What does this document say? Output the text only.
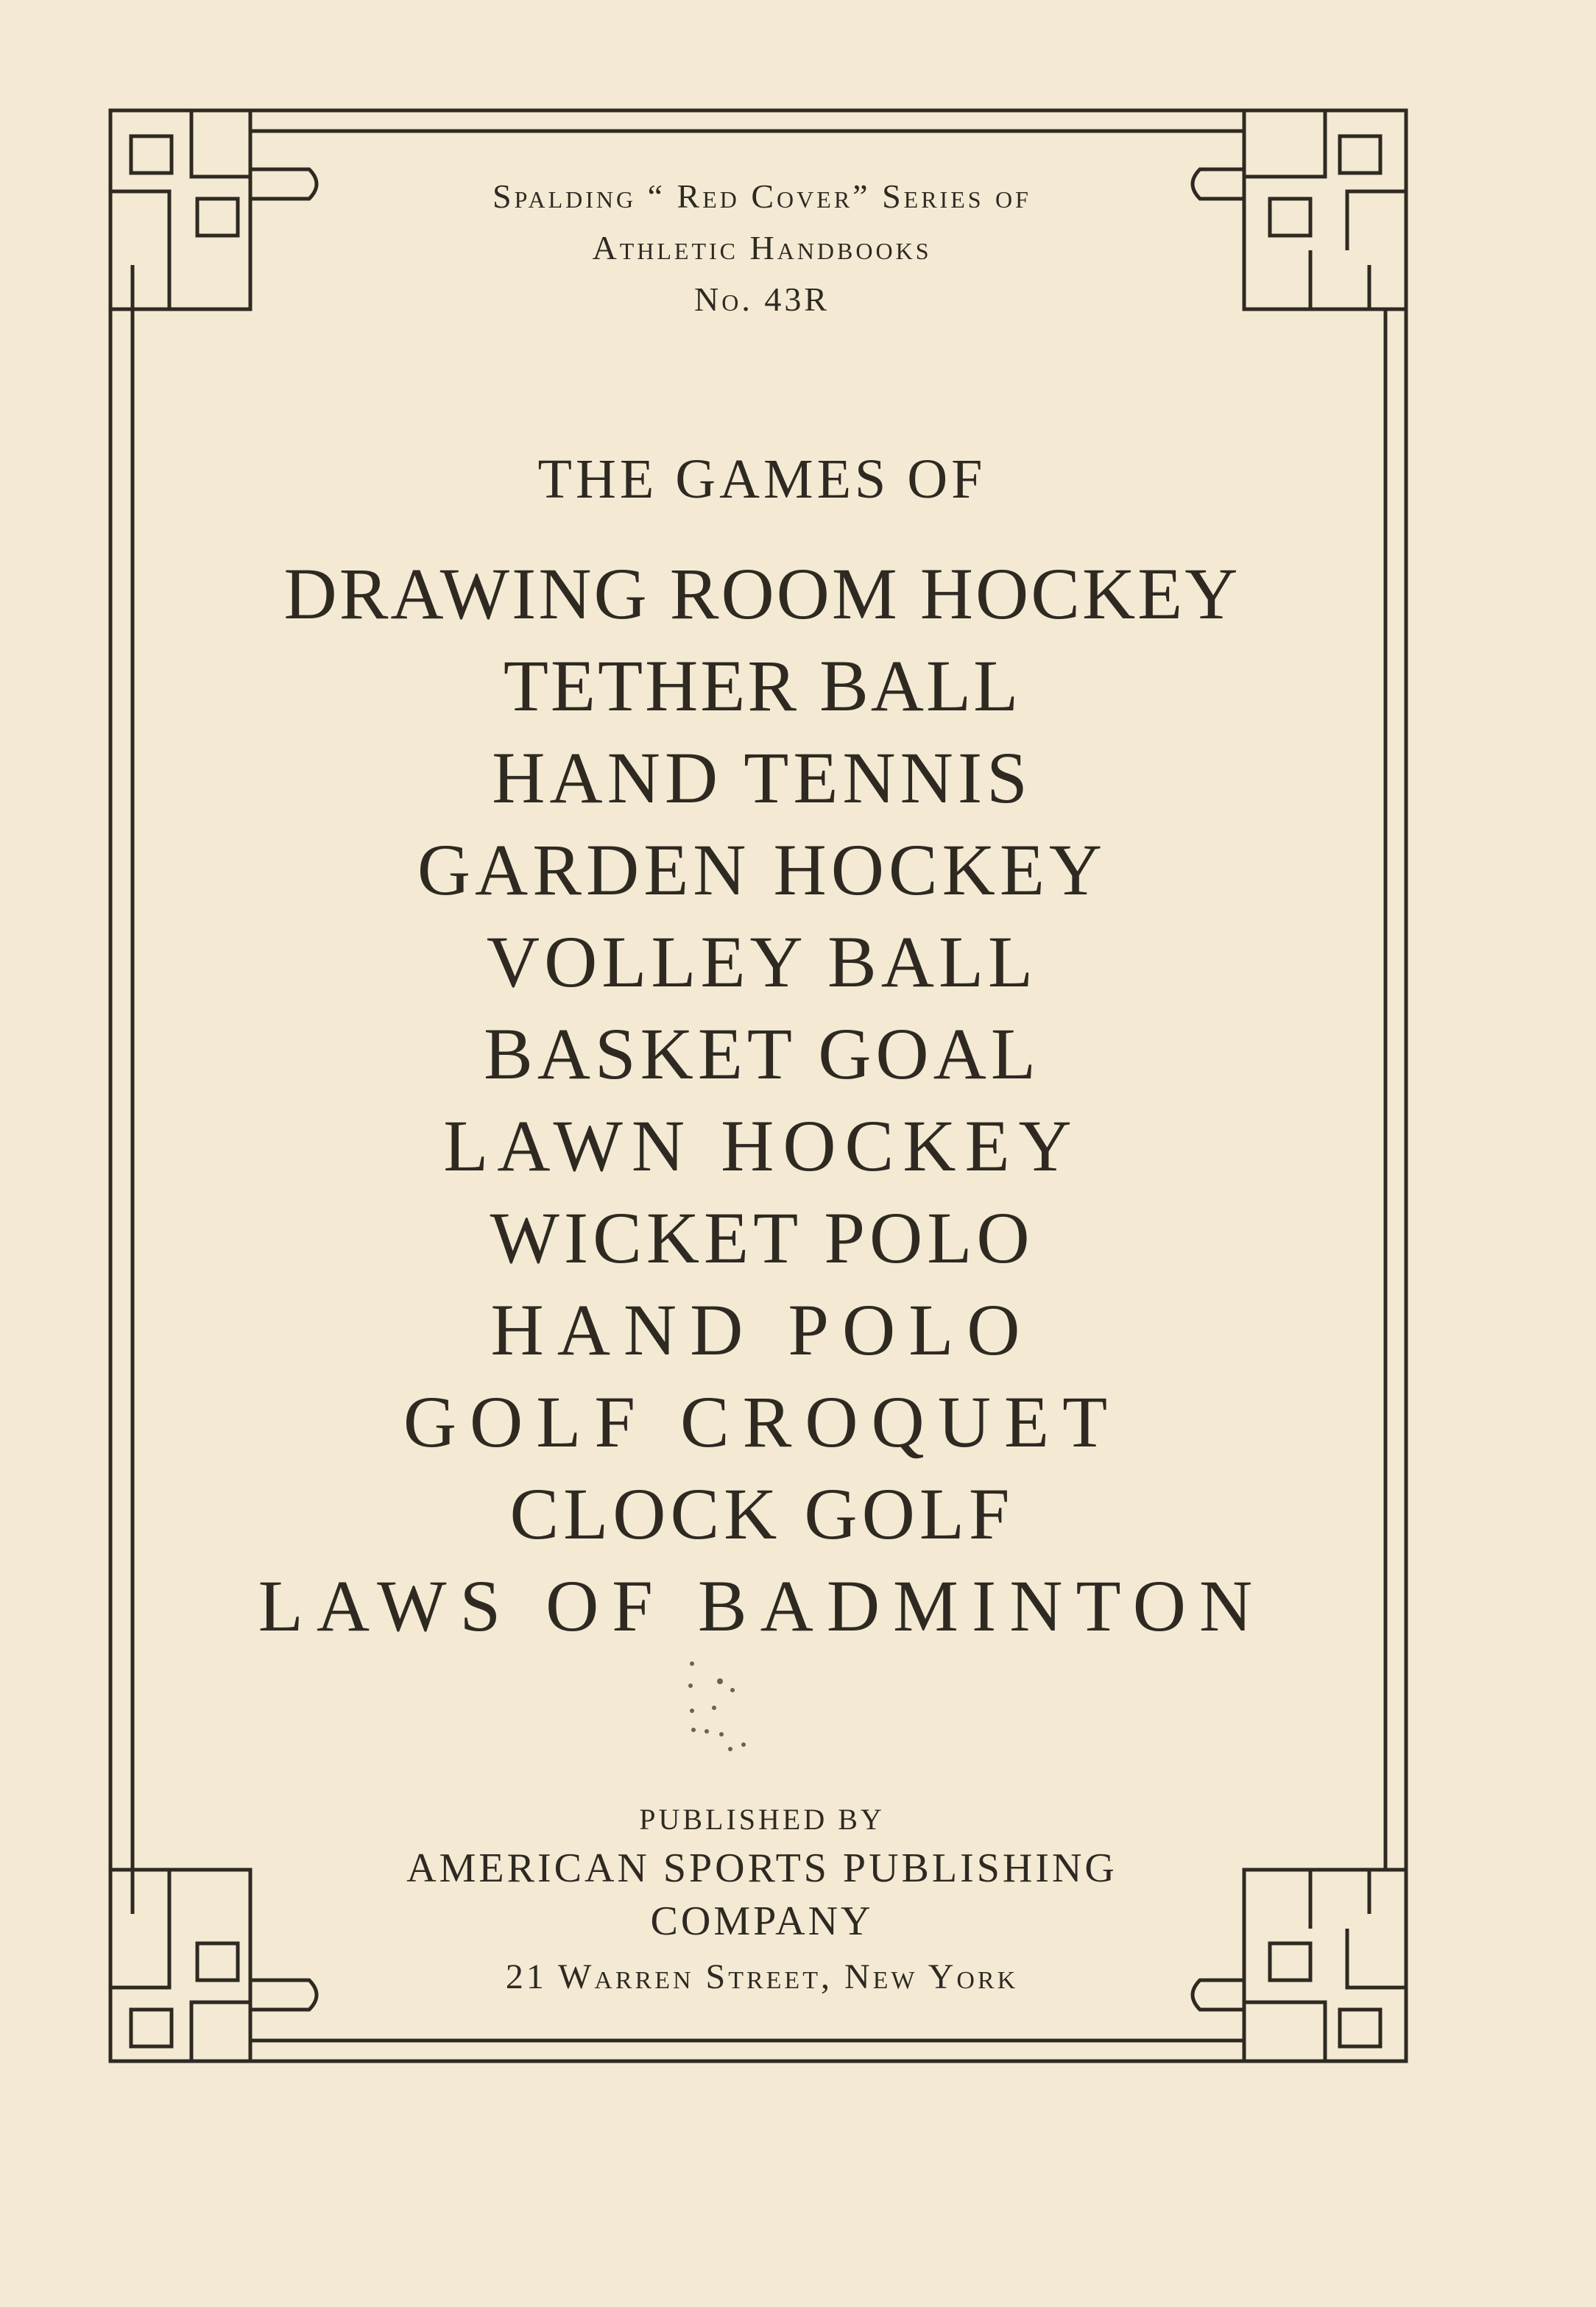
Spalding “ Red Cover” Series of
Athletic Handbooks
No. 43R
THE GAMES OF
DRAWING ROOM HOCKEY
TETHER BALL
HAND TENNIS
GARDEN HOCKEY
VOLLEY BALL
BASKET GOAL
LAWN HOCKEY
WICKET POLO
HAND POLO
GOLF CROQUET
CLOCK GOLF
LAWS OF BADMINTON
PUBLISHED BY
AMERICAN SPORTS PUBLISHING
COMPANY
21 Warren Street, New York
